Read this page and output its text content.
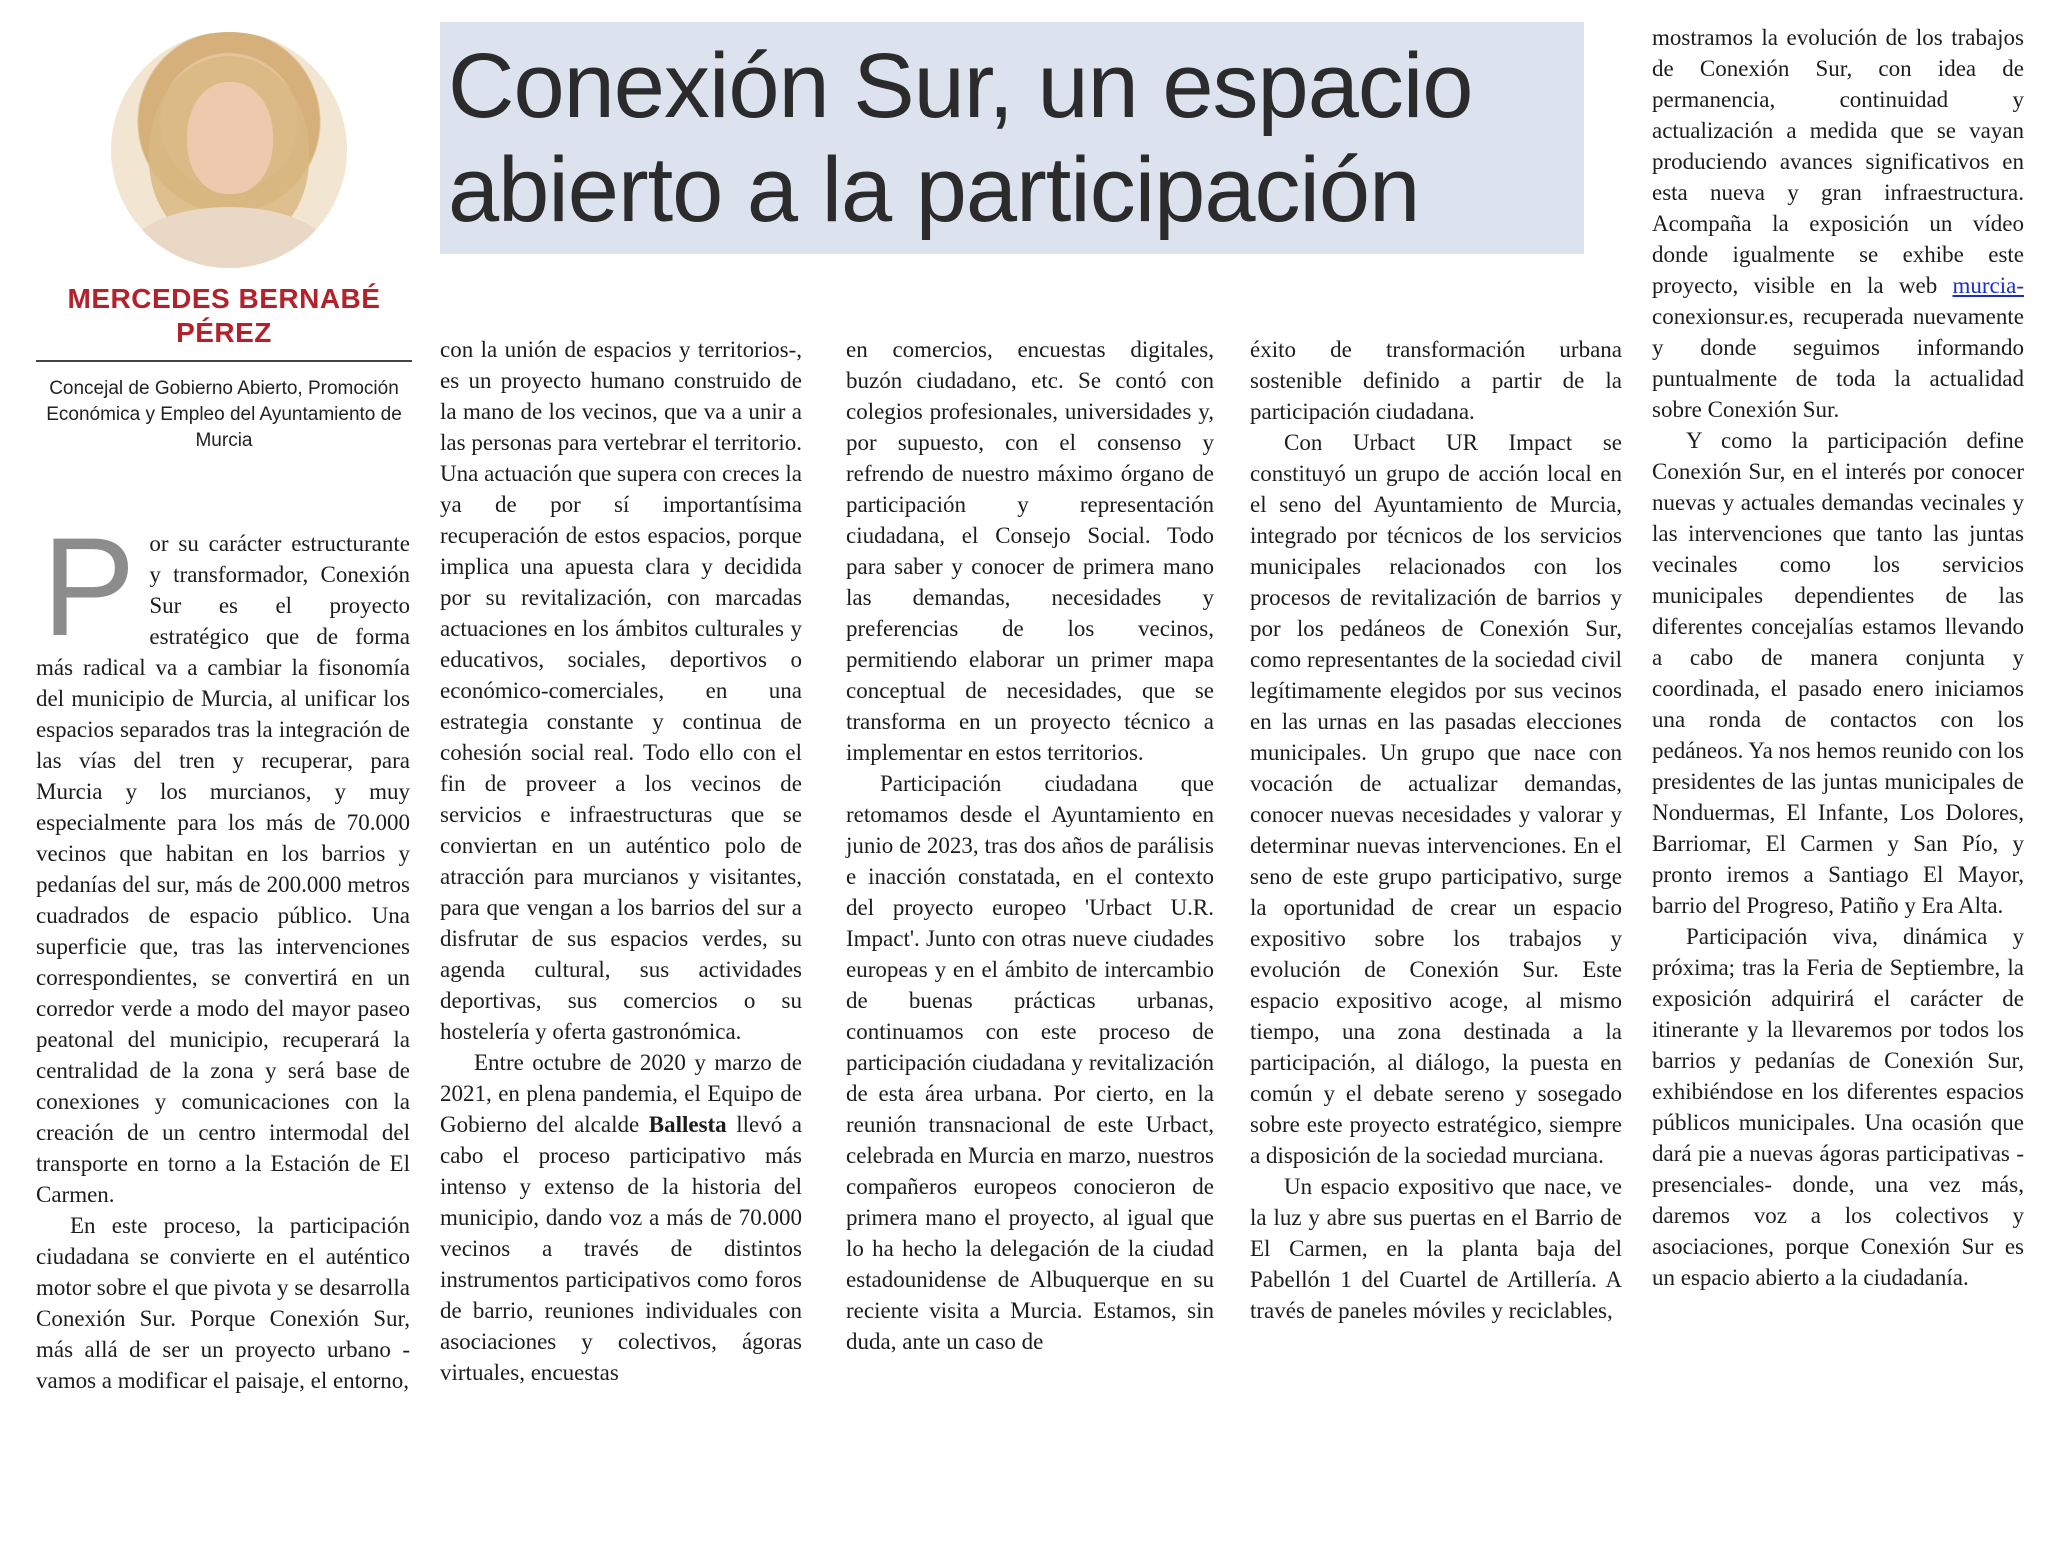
MERCEDES BERNABÉ
PÉREZ
Concejal de Gobierno Abierto, Promoción Económica y Empleo del Ayuntamiento de Murcia
Conexión Sur, un espacio
abierto a la participación

Por su carácter estructurante y transformador, Conexión Sur es el proyecto estratégico que de forma más radical va a cambiar la fisonomía del municipio de Murcia, al unificar los espacios separados tras la integración de las vías del tren y recuperar, para Murcia y los murcianos, y muy especialmente para los más de 70.000 vecinos que habitan en los barrios y pedanías del sur, más de 200.000 metros cuadrados de espacio público. Una superficie que, tras las intervenciones correspondientes, se convertirá en un corredor verde a modo del mayor paseo peatonal del municipio, recuperará la centralidad de la zona y será base de conexiones y comunicaciones con la creación de un centro intermodal del transporte en torno a la Estación de El Carmen.

En este proceso, la participación ciudadana se convierte en el auténtico motor sobre el que pivota y se desarrolla Conexión Sur. Porque Conexión Sur, más allá de ser un proyecto urbano -vamos a modificar el paisaje, el entorno,

con la unión de espacios y territorios-, es un proyecto humano construido de la mano de los vecinos, que va a unir a las personas para vertebrar el territorio. Una actuación que supera con creces la ya de por sí importantísima recuperación de estos espacios, porque implica una apuesta clara y decidida por su revitalización, con marcadas actuaciones en los ámbitos culturales y educativos, sociales, deportivos o económico-comerciales, en una estrategia constante y continua de cohesión social real. Todo ello con el fin de proveer a los vecinos de servicios e infraestructuras que se conviertan en un auténtico polo de atracción para murcianos y visitantes, para que vengan a los barrios del sur a disfrutar de sus espacios verdes, su agenda cultural, sus actividades deportivas, sus comercios o su hostelería y oferta gastronómica.

Entre octubre de 2020 y marzo de 2021, en plena pandemia, el Equipo de Gobierno del alcalde Ballesta llevó a cabo el proceso participativo más intenso y extenso de la historia del municipio, dando voz a más de 70.000 vecinos a través de distintos instrumentos participativos como foros de barrio, reuniones individuales con asociaciones y colectivos, ágoras virtuales, encuestas

en comercios, encuestas digitales, buzón ciudadano, etc. Se contó con colegios profesionales, universidades y, por supuesto, con el consenso y refrendo de nuestro máximo órgano de participación y representación ciudadana, el Consejo Social. Todo para saber y conocer de primera mano las demandas, necesidades y preferencias de los vecinos, permitiendo elaborar un primer mapa conceptual de necesidades, que se transforma en un proyecto técnico a implementar en estos territorios.

Participación ciudadana que retomamos desde el Ayuntamiento en junio de 2023, tras dos años de parálisis e inacción constatada, en el contexto del proyecto europeo 'Urbact U.R. Impact'. Junto con otras nueve ciudades europeas y en el ámbito de intercambio de buenas prácticas urbanas, continuamos con este proceso de participación ciudadana y revitalización de esta área urbana. Por cierto, en la reunión transnacional de este Urbact, celebrada en Murcia en marzo, nuestros compañeros europeos conocieron de primera mano el proyecto, al igual que lo ha hecho la delegación de la ciudad estadounidense de Albuquerque en su reciente visita a Murcia. Estamos, sin duda, ante un caso de

éxito de transformación urbana sostenible definido a partir de la participación ciudadana.

Con Urbact UR Impact se constituyó un grupo de acción local en el seno del Ayuntamiento de Murcia, integrado por técnicos de los servicios municipales relacionados con los procesos de revitalización de barrios y por los pedáneos de Conexión Sur, como representantes de la sociedad civil legítimamente elegidos por sus vecinos en las urnas en las pasadas elecciones municipales. Un grupo que nace con vocación de actualizar demandas, conocer nuevas necesidades y valorar y determinar nuevas intervenciones. En el seno de este grupo participativo, surge la oportunidad de crear un espacio expositivo sobre los trabajos y evolución de Conexión Sur. Este espacio expositivo acoge, al mismo tiempo, una zona destinada a la participación, al diálogo, la puesta en común y el debate sereno y sosegado sobre este proyecto estratégico, siempre a disposición de la sociedad murciana.

Un espacio expositivo que nace, ve la luz y abre sus puertas en el Barrio de El Carmen, en la planta baja del Pabellón 1 del Cuartel de Artillería. A través de paneles móviles y reciclables,

mostramos la evolución de los trabajos de Conexión Sur, con idea de permanencia, continuidad y actualización a medida que se vayan produciendo avances significativos en esta nueva y gran infraestructura. Acompaña la exposición un vídeo donde igualmente se exhibe este proyecto, visible en la web murcia-conexionsur.es, recuperada nuevamente y donde seguimos informando puntualmente de toda la actualidad sobre Conexión Sur.

Y como la participación define Conexión Sur, en el interés por conocer nuevas y actuales demandas vecinales y las intervenciones que tanto las juntas vecinales como los servicios municipales dependientes de las diferentes concejalías estamos llevando a cabo de manera conjunta y coordinada, el pasado enero iniciamos una ronda de contactos con los pedáneos. Ya nos hemos reunido con los presidentes de las juntas municipales de Nonduermas, El Infante, Los Dolores, Barriomar, El Carmen y San Pío, y pronto iremos a Santiago El Mayor, barrio del Progreso, Patiño y Era Alta.

Participación viva, dinámica y próxima; tras la Feria de Septiembre, la exposición adquirirá el carácter de itinerante y la llevaremos por todos los barrios y pedanías de Conexión Sur, exhibiéndose en los diferentes espacios públicos municipales. Una ocasión que dará pie a nuevas ágoras participativas -presenciales- donde, una vez más, daremos voz a los colectivos y asociaciones, porque Conexión Sur es un espacio abierto a la ciudadanía.
